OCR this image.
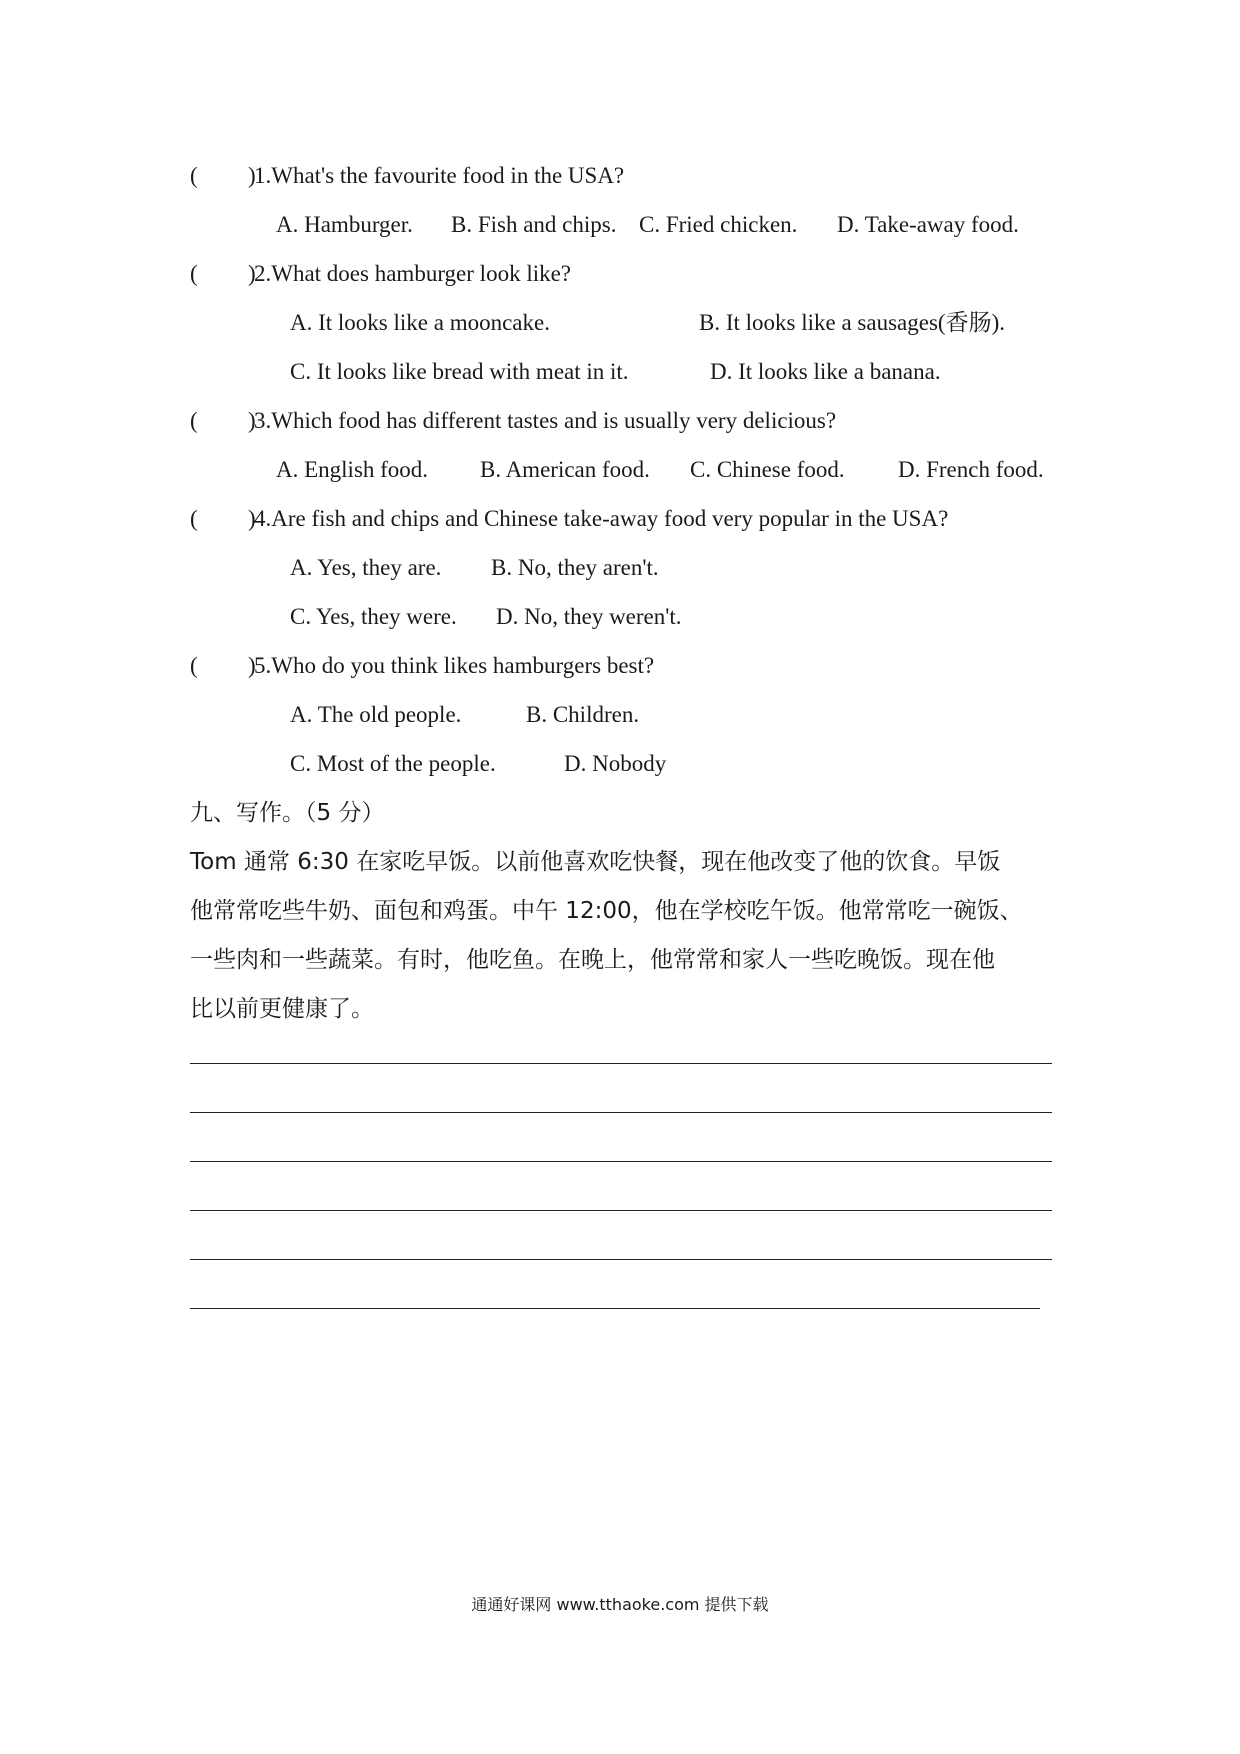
( )
1.What's the favourite food in the USA?
A. Hamburger. B. Fish and chips. C. Fried chicken. D. Take-away food.
( )
2.What does hamburger look like?
A. It looks like a mooncake.	B. It looks like a sausages(香肠).
C. It looks like bread with meat in it.	D. It looks like a banana.
( )
3.Which food has different tastes and is usually very delicious?
A. English food. B. American food. C. Chinese food. D. French food.
( )
4.Are fish and chips and Chinese take-away food very popular in the USA?
A. Yes, they are. B. No, they aren't.
C. Yes, they were. D. No, they weren't.
( )
5.Who do you think likes hamburgers best?
A. The old people.	B. Children.
C. Most of the people.	D. Nobody
九、写作。（5 分）
Tom 通常 6:30 在家吃早饭。以前他喜欢吃快餐，现在他改变了他的饮食。早饭
他常常吃些牛奶、面包和鸡蛋。中午 12:00，他在学校吃午饭。他常常吃一碗饭、
一些肉和一些蔬菜。有时，他吃鱼。在晚上，他常常和家人一些吃晚饭。现在他
比以前更健康了。
通通好课网 www.tthaoke.com 提供下载
